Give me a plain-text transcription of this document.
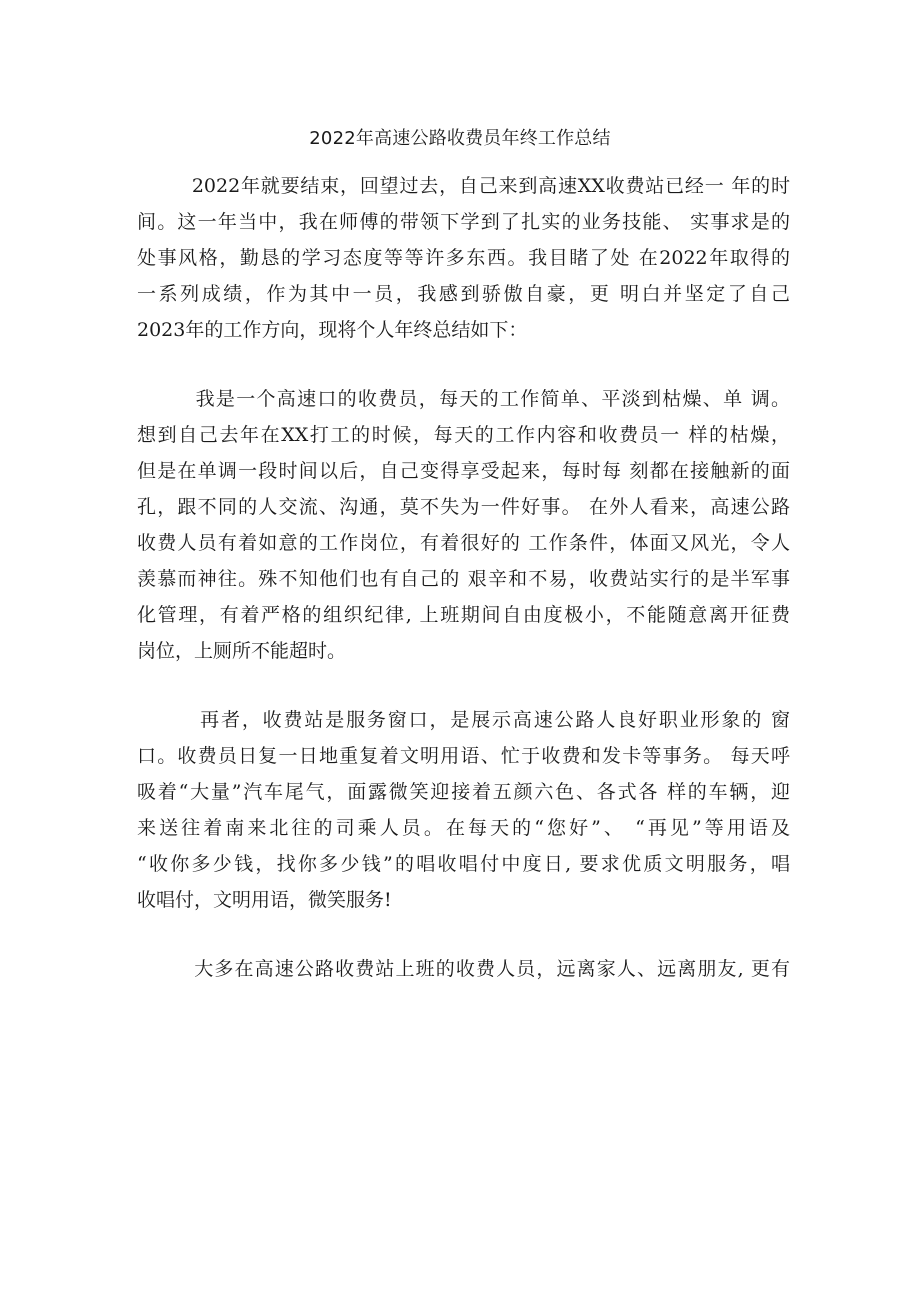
2022年高速公路收费员年终工作总结
2022年就要结束，回望过去，自己来到高速XX收费站已经一 年的时
间。这一年当中，我在师傅的带领下学到了扎实的业务技能、 实事求是的
处事风格，勤恳的学习态度等等许多东西。我目睹了处 在2022年取得的
一系列成绩，作为其中一员，我感到骄傲自豪，更 明白并坚定了自己
2023年的工作方向，现将个人年终总结如下：
我是一个高速口的收费员，每天的工作简单、平淡到枯燥、单 调。
想到自己去年在XX打工的时候，每天的工作内容和收费员一 样的枯燥，
但是在单调一段时间以后，自己变得享受起来，每时每 刻都在接触新的面
孔，跟不同的人交流、沟通，莫不失为一件好事。 在外人看来，高速公路
收费人员有着如意的工作岗位，有着很好的 工作条件，体面又风光，令人
羡慕而神往。殊不知他们也有自己的 艰辛和不易，收费站实行的是半军事
化管理，有着严格的组织纪律, 上班期间自由度极小，不能随意离开征费
岗位，上厕所不能超时。
再者，收费站是服务窗口，是展示高速公路人良好职业形象的 窗
口。收费员日复一日地重复着文明用语、忙于收费和发卡等事务。 每天呼
吸着“大量”汽车尾气，面露微笑迎接着五颜六色、各式各 样的车辆，迎
来送往着南来北往的司乘人员。在每天的“您好”、 “再见”等用语及
“收你多少钱，找你多少钱”的唱收唱付中度日, 要求优质文明服务，唱
收唱付，文明用语，微笑服务!
大多在高速公路收费站上班的收费人员，远离家人、远离朋友, 更有
